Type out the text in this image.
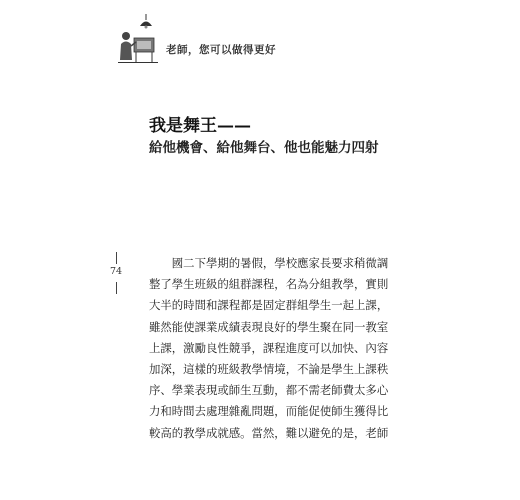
老師，您可以做得更好
我是舞王——
給他機會、給他舞台、他也能魅力四射
74
　　國二下學期的暑假，學校應家長要求稍微調
整了學生班級的組群課程，名為分組教學，實則
大半的時間和課程都是固定群組學生一起上課，
雖然能使課業成績表現良好的學生聚在同一教室
上課，激勵良性競爭，課程進度可以加快、內容
加深，這樣的班級教學情境，不論是學生上課秩
序、學業表現或師生互動，都不需老師費太多心
力和時間去處理雜亂問題，而能促使師生獲得比
較高的教學成就感。當然，難以避免的是，老師
